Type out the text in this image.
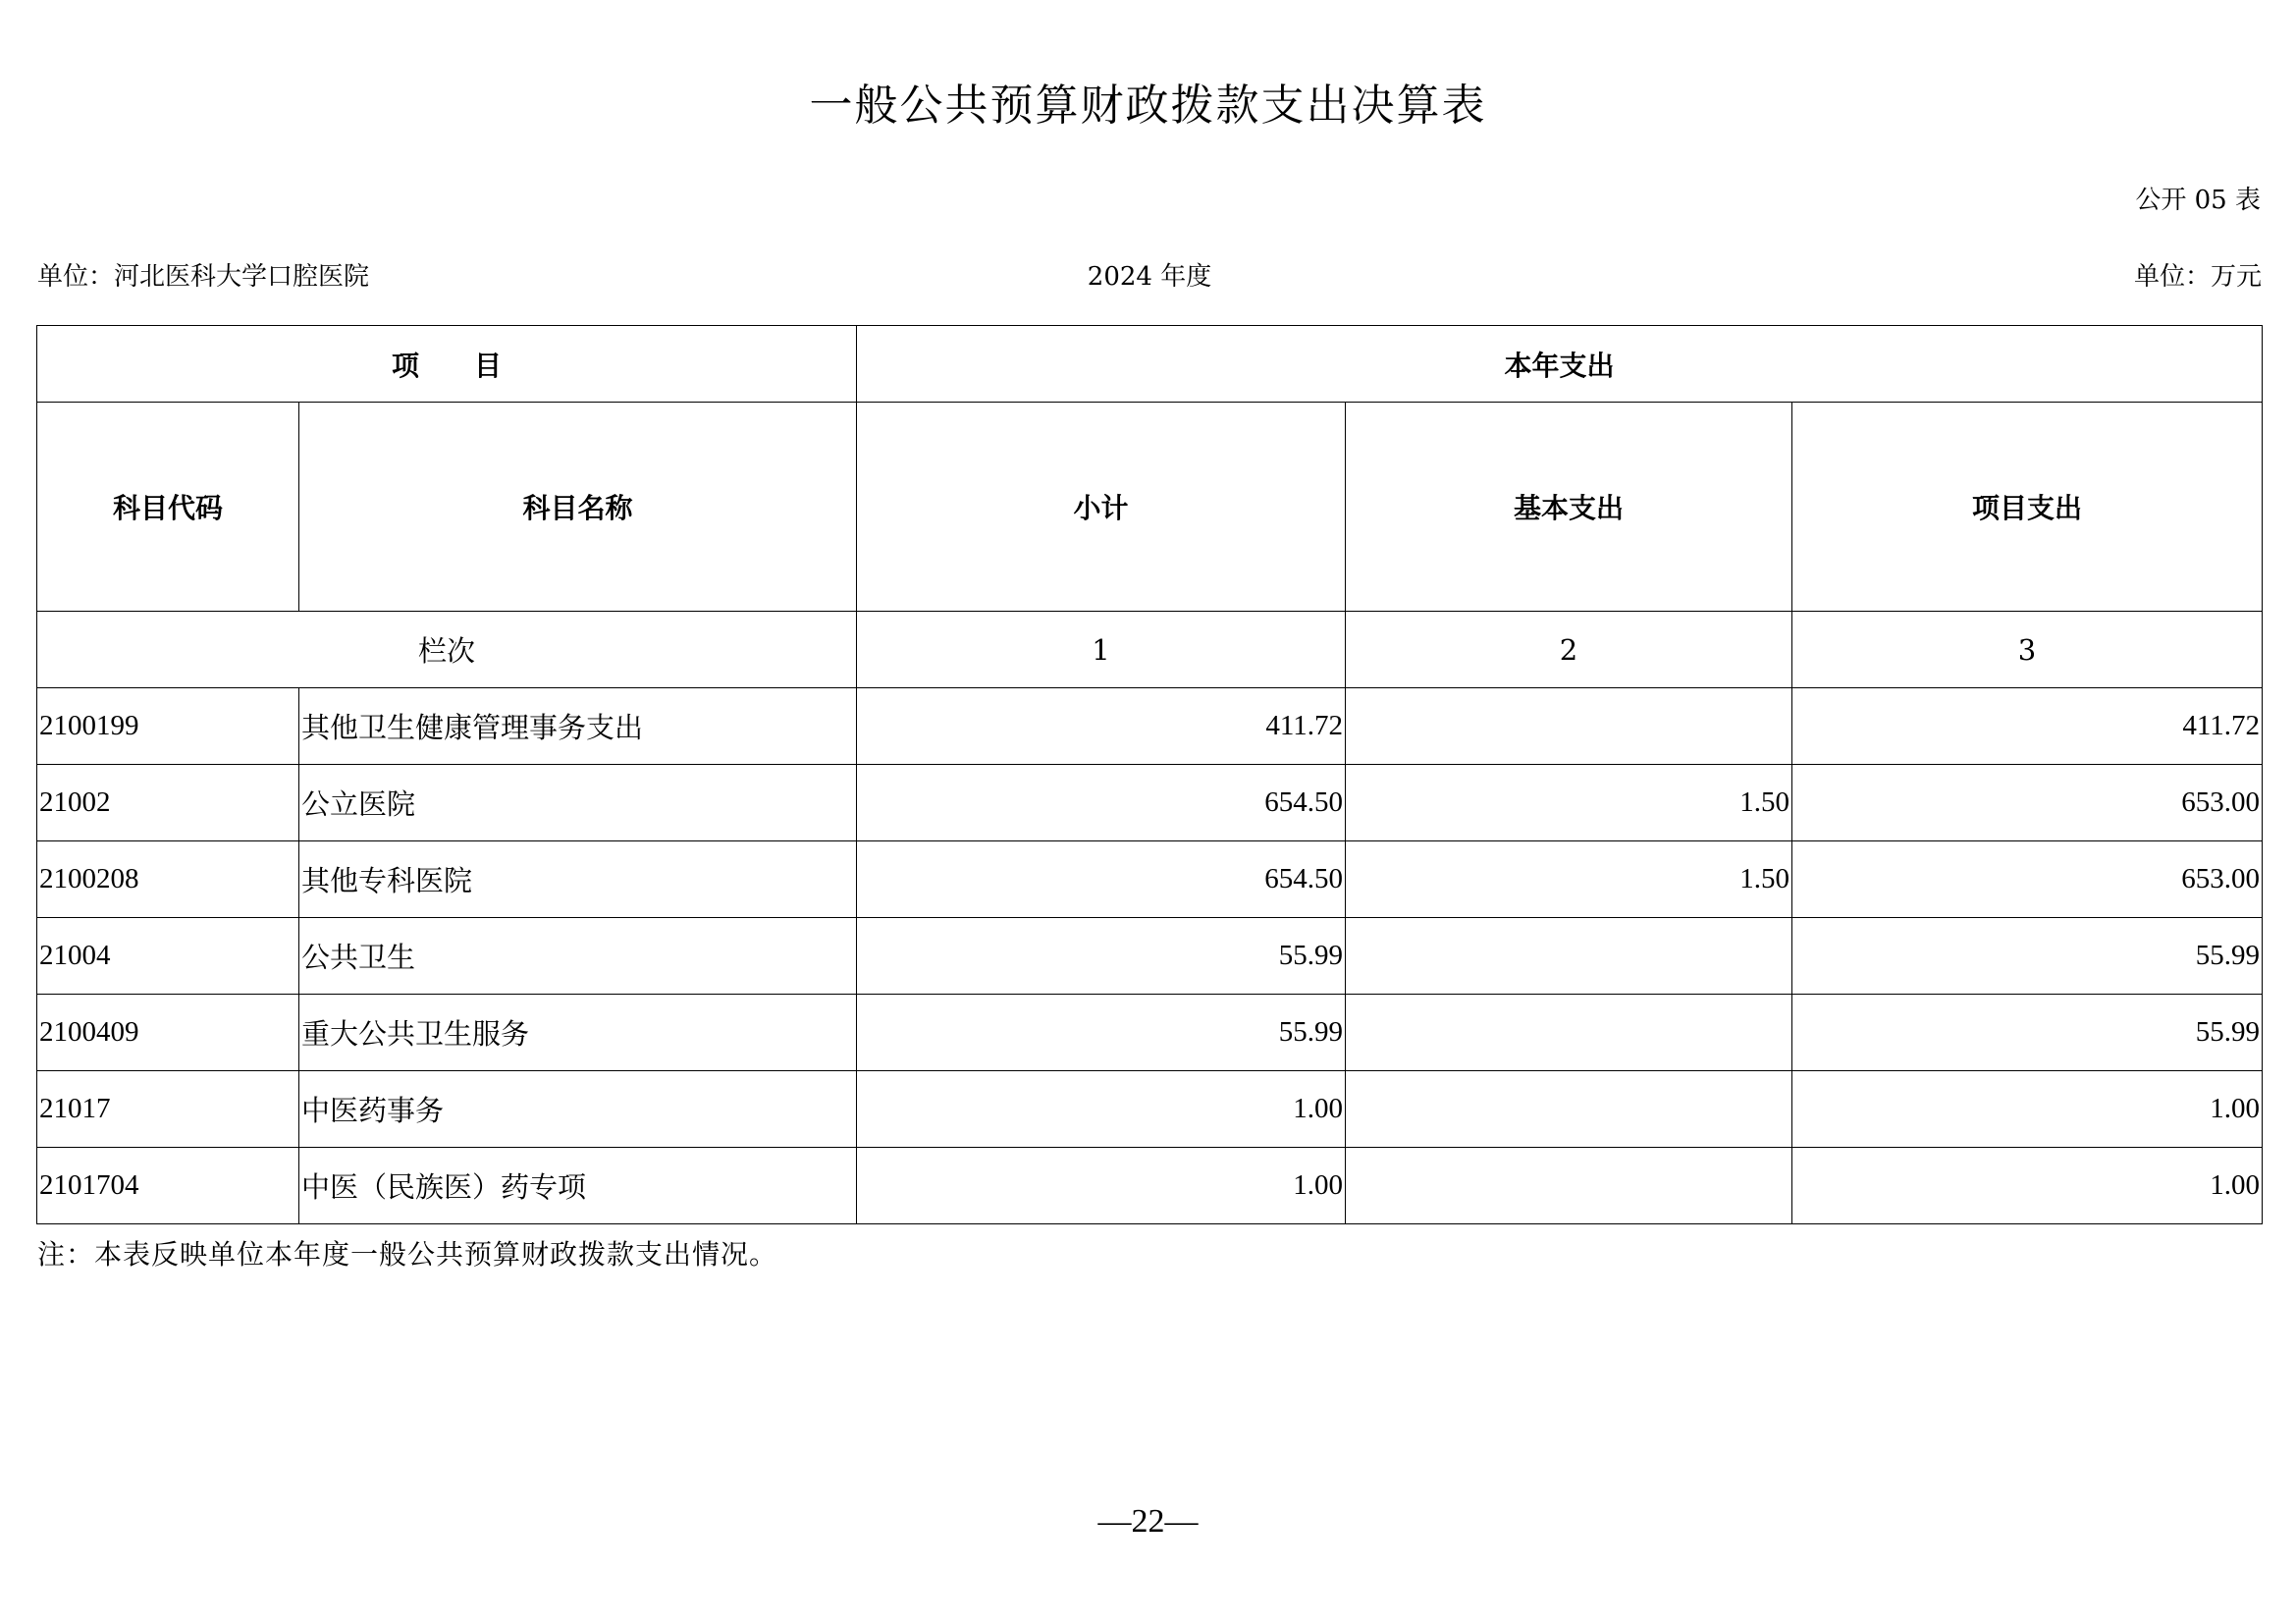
一般公共预算财政拨款支出决算表
公开 05 表
单位：河北医科大学口腔医院	2024 年度	单位：万元
项　　目		本年支出		
科目代码	科目名称	小计	基本支出	项目支出
栏次		1	2	3
2100199	其他卫生健康管理事务支出	411.72		411.72
21002	公立医院	654.50	1.50	653.00
2100208	其他专科医院	654.50	1.50	653.00
21004	公共卫生	55.99		55.99
2100409	重大公共卫生服务	55.99		55.99
21017	中医药事务	1.00		1.00
2101704	中医（民族医）药专项	1.00		1.00
注：本表反映单位本年度一般公共预算财政拨款支出情况。
—22—
